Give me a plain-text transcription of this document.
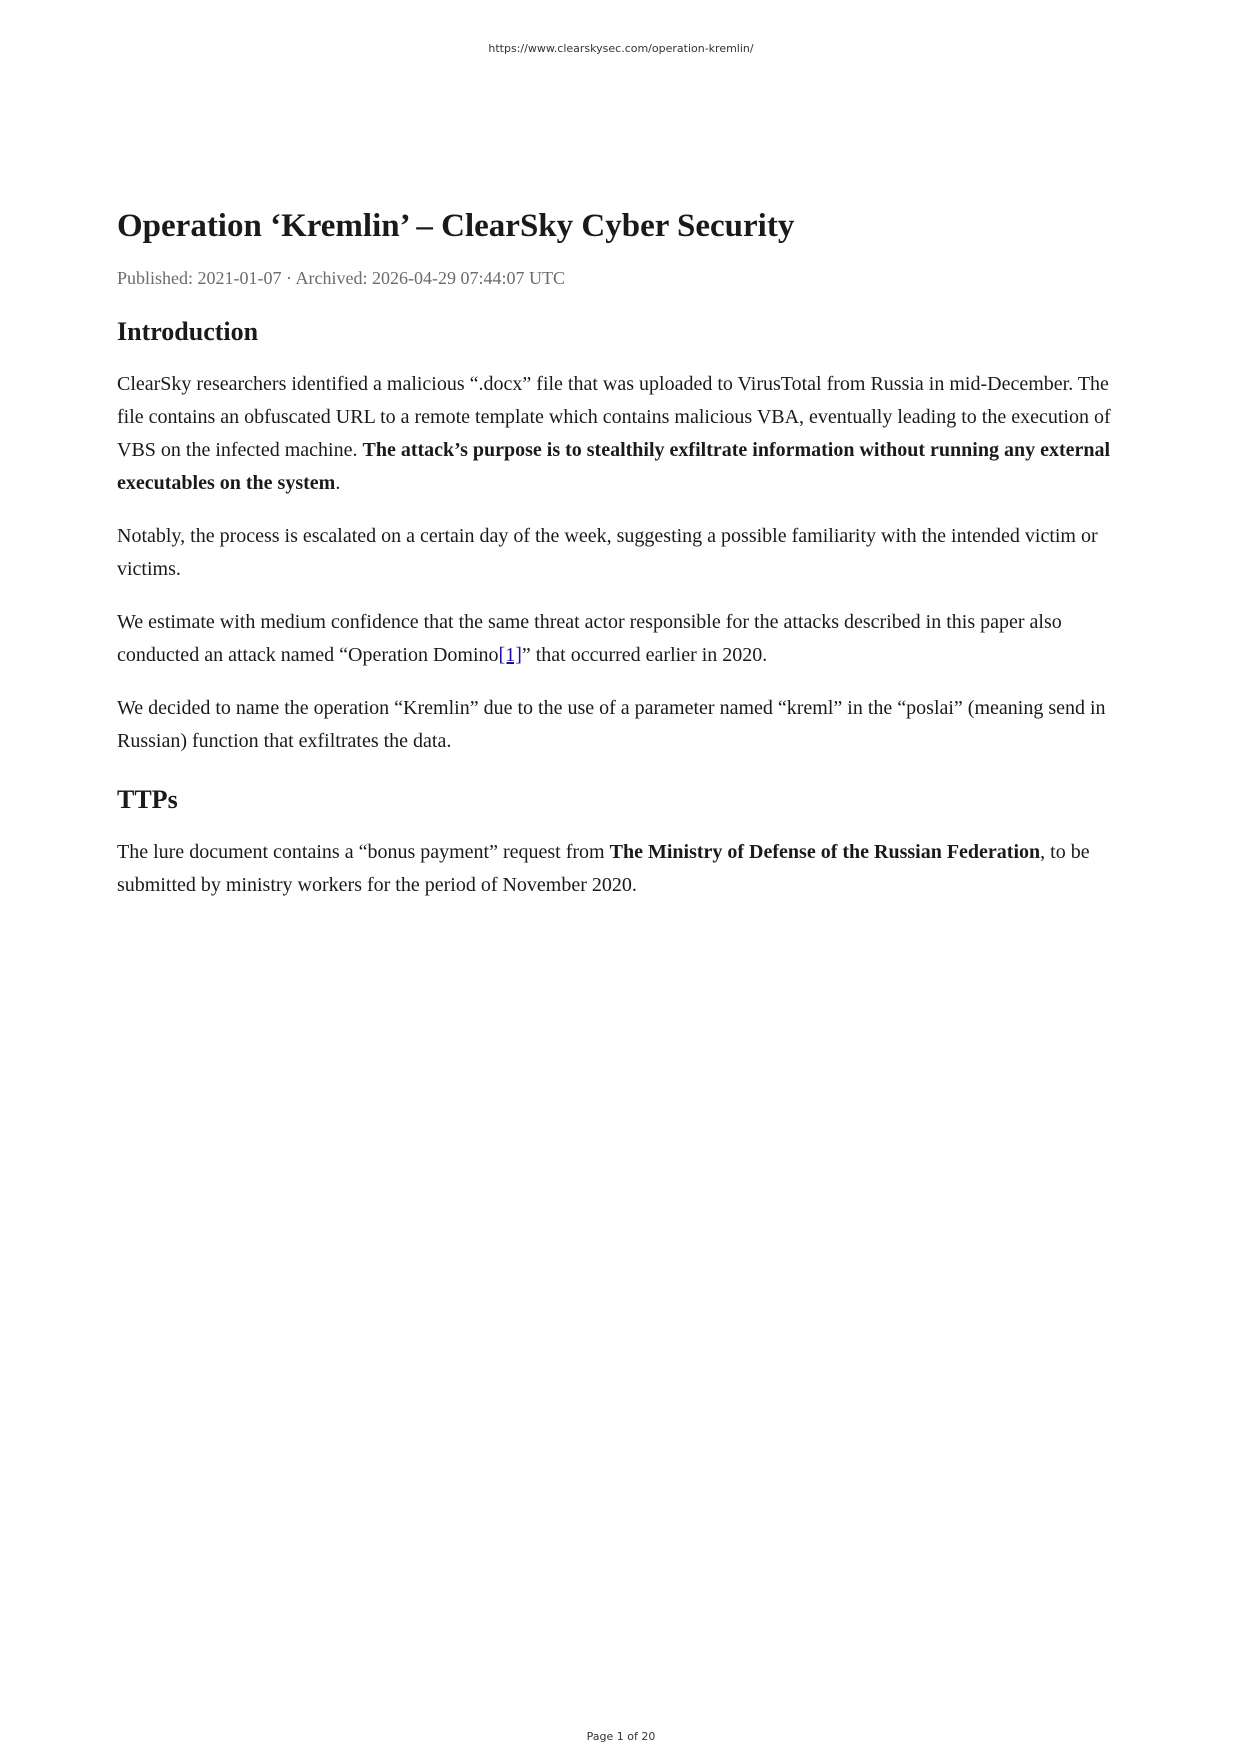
https://www.clearskysec.com/operation-kremlin/

Operation ‘Kremlin’ – ClearSky Cyber Security
Published: 2021-01-07 · Archived: 2026-04-29 07:44:07 UTC
Introduction

ClearSky researchers identified a malicious “.docx” file that was uploaded to VirusTotal from Russia in mid-December. The file contains an obfuscated URL to a remote template which contains malicious VBA, eventually leading to the execution of VBS on the infected machine. The attack’s purpose is to stealthily exfiltrate information without running any external executables on the system.

Notably, the process is escalated on a certain day of the week, suggesting a possible familiarity with the intended victim or victims.

We estimate with medium confidence that the same threat actor responsible for the attacks described in this paper also conducted an attack named “Operation Domino[1]” that occurred earlier in 2020.

We decided to name the operation “Kremlin” due to the use of a parameter named “kreml” in the “poslai” (meaning send in Russian) function that exfiltrates the data.

TTPs

The lure document contains a “bonus payment” request from The Ministry of Defense of the Russian Federation, to be submitted by ministry workers for the period of November 2020.

Page 1 of 20
